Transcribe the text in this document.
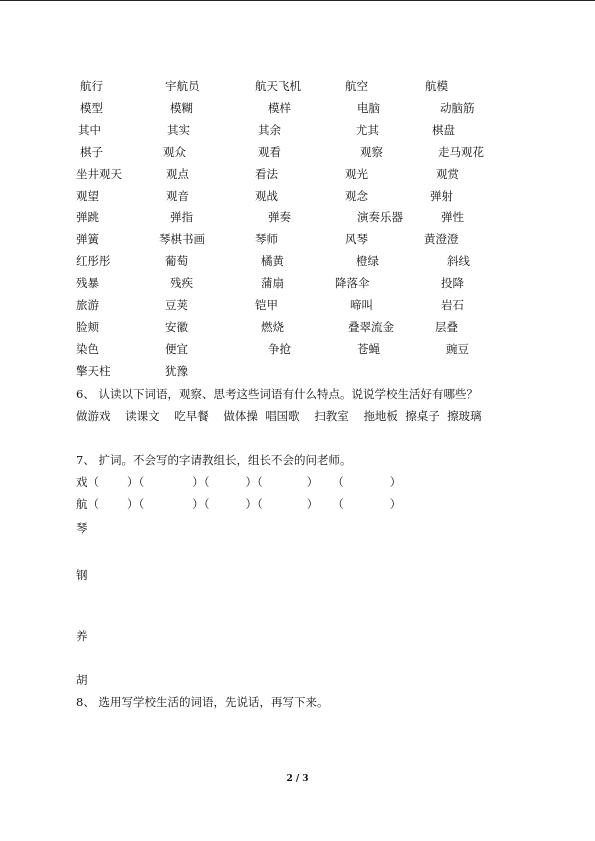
航行	宇航员	航天飞机	航空	航模
模型	模糊	模样	电脑	动脑筋
其中	其实	其余	尤其	棋盘
棋子	观众	观看	观察	走马观花
坐井观天	观点	看法	观光	观赏
观望	观音	观战	观念	弹射
弹跳	弹指	弹奏	演奏乐器	弹性
弹簧	琴棋书画	琴师	风琴	黄澄澄
红彤彤	葡萄	橘黄	橙绿	斜线
残暴	残疾	蒲扇	降落伞	投降
旅游	豆荚	铠甲	啼叫	岩石
脸颊	安徽	燃烧	叠翠流金	层叠
染色	便宜	争抢	苍蝇	豌豆
擎天柱	犹豫
6、 认读以下词语，观察、思考这些词语有什么特点。说说学校生活好有哪些？
做游戏 读课文 吃早餐 做体操 唱国歌 扫教室 拖地板 擦桌子 擦玻璃
7、 扩词。不会写的字请教组长，组长不会的问老师。
戏（ ）（	）（	）（	） （	）
航（ ）（	）（	）（	） （	）
琴
钢
养
胡
8、 选用写学校生活的词语，先说话，再写下来。
2 / 3
